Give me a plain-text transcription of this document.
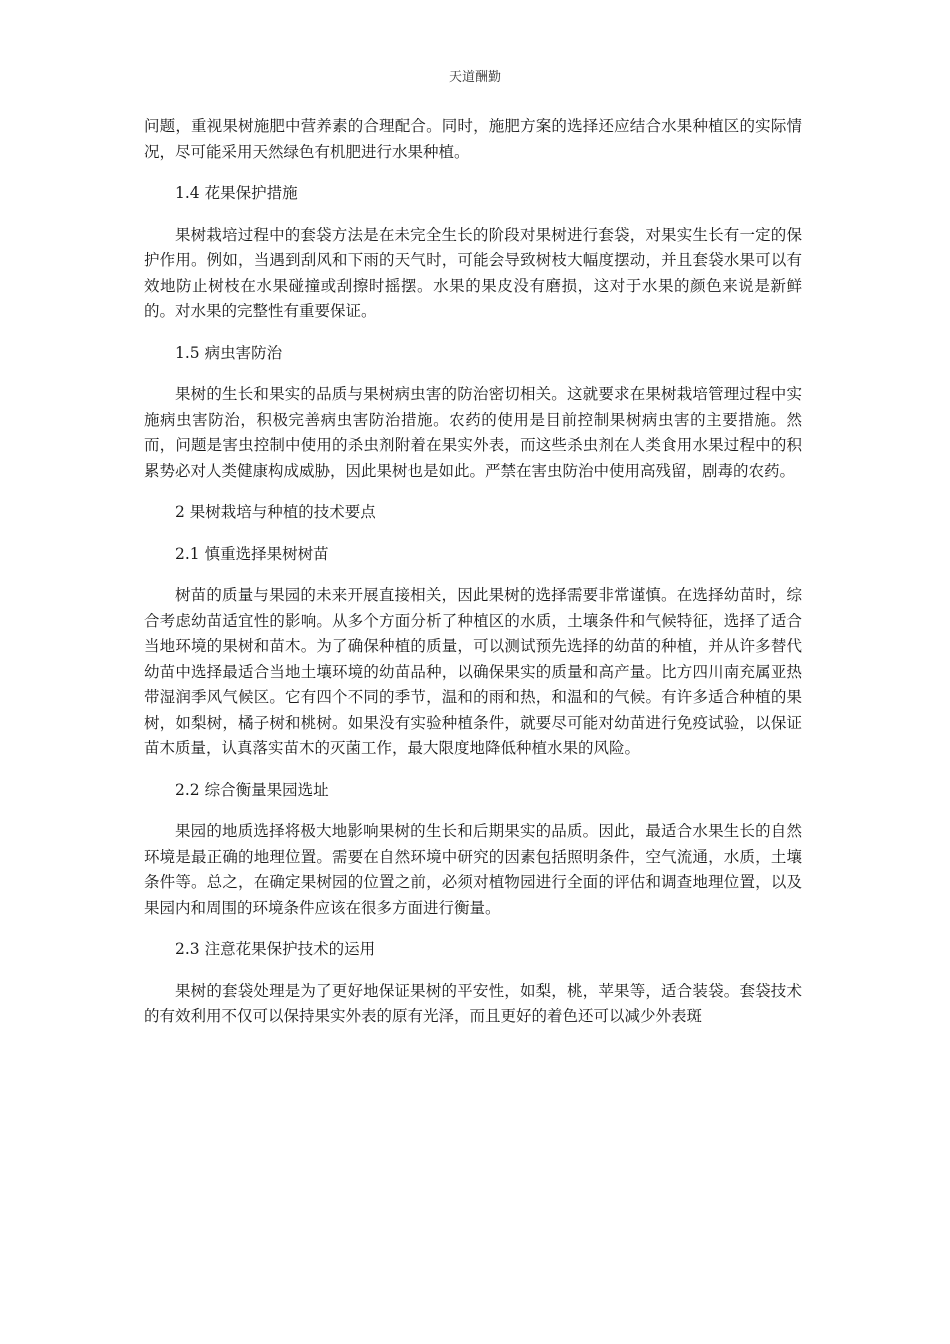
天道酬勤

问题，重视果树施肥中营养素的合理配合。同时，施肥方案的选择还应结合水果种植区的实际情况，尽可能采用天然绿色有机肥进行水果种植。

1.4 花果保护措施

果树栽培过程中的套袋方法是在未完全生长的阶段对果树进行套袋，对果实生长有一定的保护作用。例如，当遇到刮风和下雨的天气时，可能会导致树枝大幅度摆动，并且套袋水果可以有效地防止树枝在水果碰撞或刮擦时摇摆。水果的果皮没有磨损，这对于水果的颜色来说是新鲜的。对水果的完整性有重要保证。

1.5 病虫害防治

果树的生长和果实的品质与果树病虫害的防治密切相关。这就要求在果树栽培管理过程中实施病虫害防治，积极完善病虫害防治措施。农药的使用是目前控制果树病虫害的主要措施。然而，问题是害虫控制中使用的杀虫剂附着在果实外表，而这些杀虫剂在人类食用水果过程中的积累势必对人类健康构成威胁，因此果树也是如此。严禁在害虫防治中使用高残留，剧毒的农药。

2 果树栽培与种植的技术要点

2.1 慎重选择果树树苗

树苗的质量与果园的未来开展直接相关，因此果树的选择需要非常谨慎。在选择幼苗时，综合考虑幼苗适宜性的影响。从多个方面分析了种植区的水质，土壤条件和气候特征，选择了适合当地环境的果树和苗木。为了确保种植的质量，可以测试预先选择的幼苗的种植，并从许多替代幼苗中选择最适合当地土壤环境的幼苗品种，以确保果实的质量和高产量。比方四川南充属亚热带湿润季风气候区。它有四个不同的季节，温和的雨和热，和温和的气候。有许多适合种植的果树，如梨树，橘子树和桃树。如果没有实验种植条件，就要尽可能对幼苗进行免疫试验，以保证苗木质量，认真落实苗木的灭菌工作，最大限度地降低种植水果的风险。

2.2 综合衡量果园选址

果园的地质选择将极大地影响果树的生长和后期果实的品质。因此，最适合水果生长的自然环境是最正确的地理位置。需要在自然环境中研究的因素包括照明条件，空气流通，水质，土壤条件等。总之，在确定果树园的位置之前，必须对植物园进行全面的评估和调查地理位置，以及果园内和周围的环境条件应该在很多方面进行衡量。

2.3 注意花果保护技术的运用

果树的套袋处理是为了更好地保证果树的平安性，如梨，桃，苹果等，适合装袋。套袋技术的有效利用不仅可以保持果实外表的原有光泽，而且更好的着色还可以减少外表斑
